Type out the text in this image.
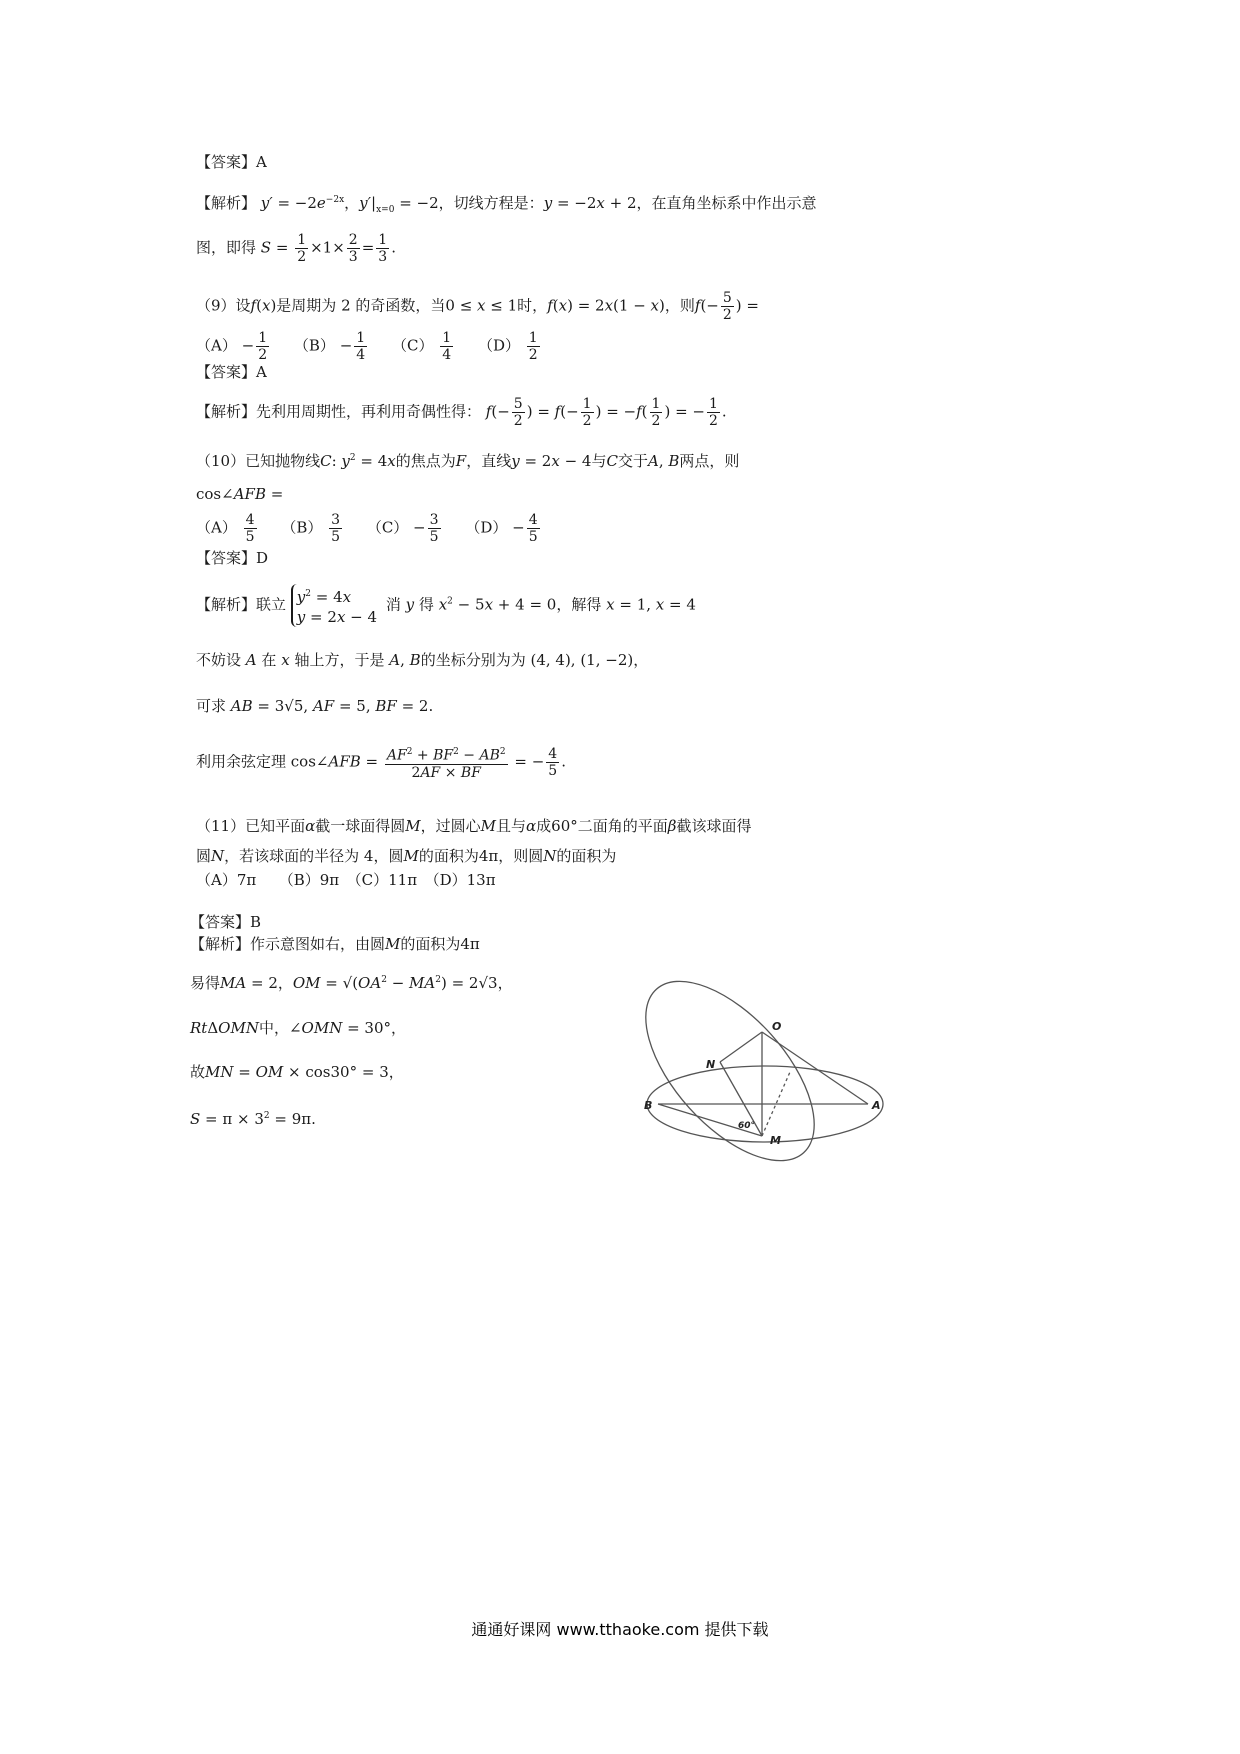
【答案】A
【解析】 $y' = -2e^{-2x}$，$y'|_{x=0} = -2$，切线方程是：y = −2x + 2，在直角坐标系中作出示意
图，即得 $S = \frac{1}{2} \times 1\times \frac{2}{3} = \frac{1}{3}$ .
（9）设f(x)是周期为 2 的奇函数，当0 ≤ x ≤ 1时，f(x) = 2x(1 − x)，则$f(- \frac{5}{2}$ ) =
$(A) - \frac{1}{2} (B) - \frac{1}{4} (C) \frac{1}{4} (D) \frac{1}{2}$
【答案】A
【解析】先利用周期性，再利用奇偶性得： $f(- \frac{5}{2}$ ) = $f(- \frac{1}{2}$ ) = $-f( \frac{1}{2}$ ) = − $\frac{1}{2}$ .
（10）已知抛物线C: $y^2 = 4x$的焦点为F，直线y = 2x − 4与C交于A, B两点，则
cos∠AFB =
$(A) \frac{4}{5} (B) \frac{3}{5} (C) - \frac{3}{5} (D) - \frac{4}{5}$
【答案】D
【解析】联立 $y^2 = 4x$
y = 2x − 4 消 y 得 $x^2 - 5x + 4 = 0$，解得 x = 1, x = 4
不妨设 A 在 x 轴上方，于是 A, B的坐标分别为为 (4, 4), (1, −2)，
可求 AB = 3√5, AF = 5, BF = 2.
利用余弦定理 cos∠AFB = $\frac{AF^2 + BF^2 - AB^2}{2AF \times BF}$ = − $\frac{4}{5}$ .
（11）已知平面α截一球面得圆M，过圆心M且与α成60°二面角的平面β截该球面得
圆N，若该球面的半径为 4，圆M的面积为4π，则圆N的面积为
（A）7π　　（B）9π　（C）11π　（D）13π
【答案】B
【解析】作示意图如右，由圆M的面积为4π
易得MA = 2，OM = $√(OA^2 - MA^2) = 2√3$，
RtΔOMN中，∠OMN = 30°，
故MN = OM × cos30° = 3，
$S = \pi \times 3^2 = 9\pi$.
O
N
B	A
M
60°
通通好课网 www.tthaoke.com 提供下载
